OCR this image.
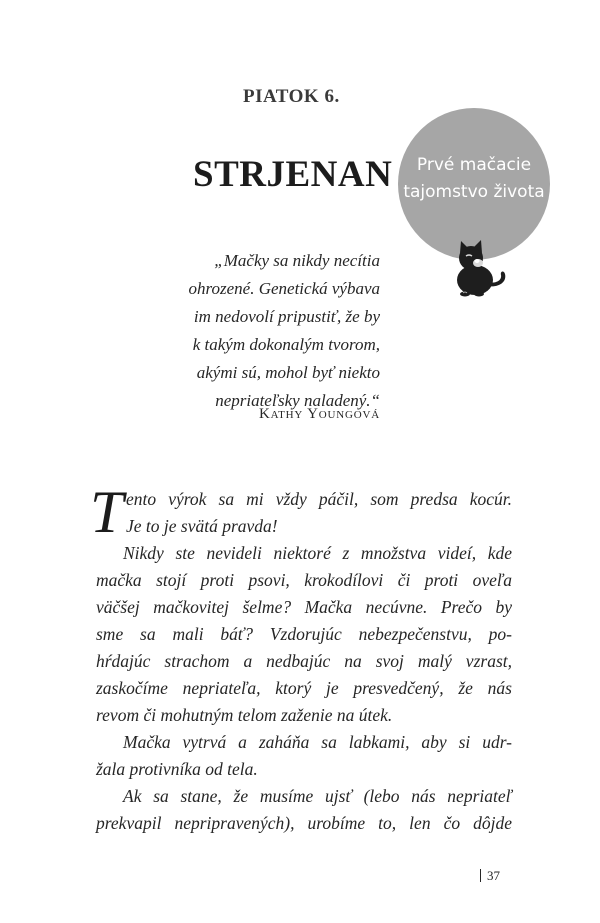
PIATOK 6.
STRJENAN	Prvé mačacie
tajomstvo života
„Mačky sa nikdy necítia
ohrozené. Genetická výbava
im nedovolí pripustiť, že by
k takým dokonalým tvorom,
akými sú, mohol byť niekto
nepriateľsky naladený.“
Kathy Youngová
T ento výrok sa mi vždy páčil, som predsa kocúr.
Je to je svätá pravda!
Nikdy ste nevideli niektoré z množstva videí, kde
mačka stojí proti psovi, krokodílovi či proti oveľa
väčšej mačkovitej šelme? Mačka necúvne. Prečo by
sme sa mali báť? Vzdorujúc nebezpečenstvu, po-
hŕdajúc strachom a nedbajúc na svoj malý vzrast,
zaskočíme nepriateľa, ktorý je presvedčený, že nás
revom či mohutným telom zaženie na útek.
Mačka vytrvá a zaháňa sa labkami, aby si udr-
žala protivníka od tela.
Ak sa stane, že musíme ujsť (lebo nás nepriateľ
prekvapil nepripravených), urobíme to, len čo dôjde
37
